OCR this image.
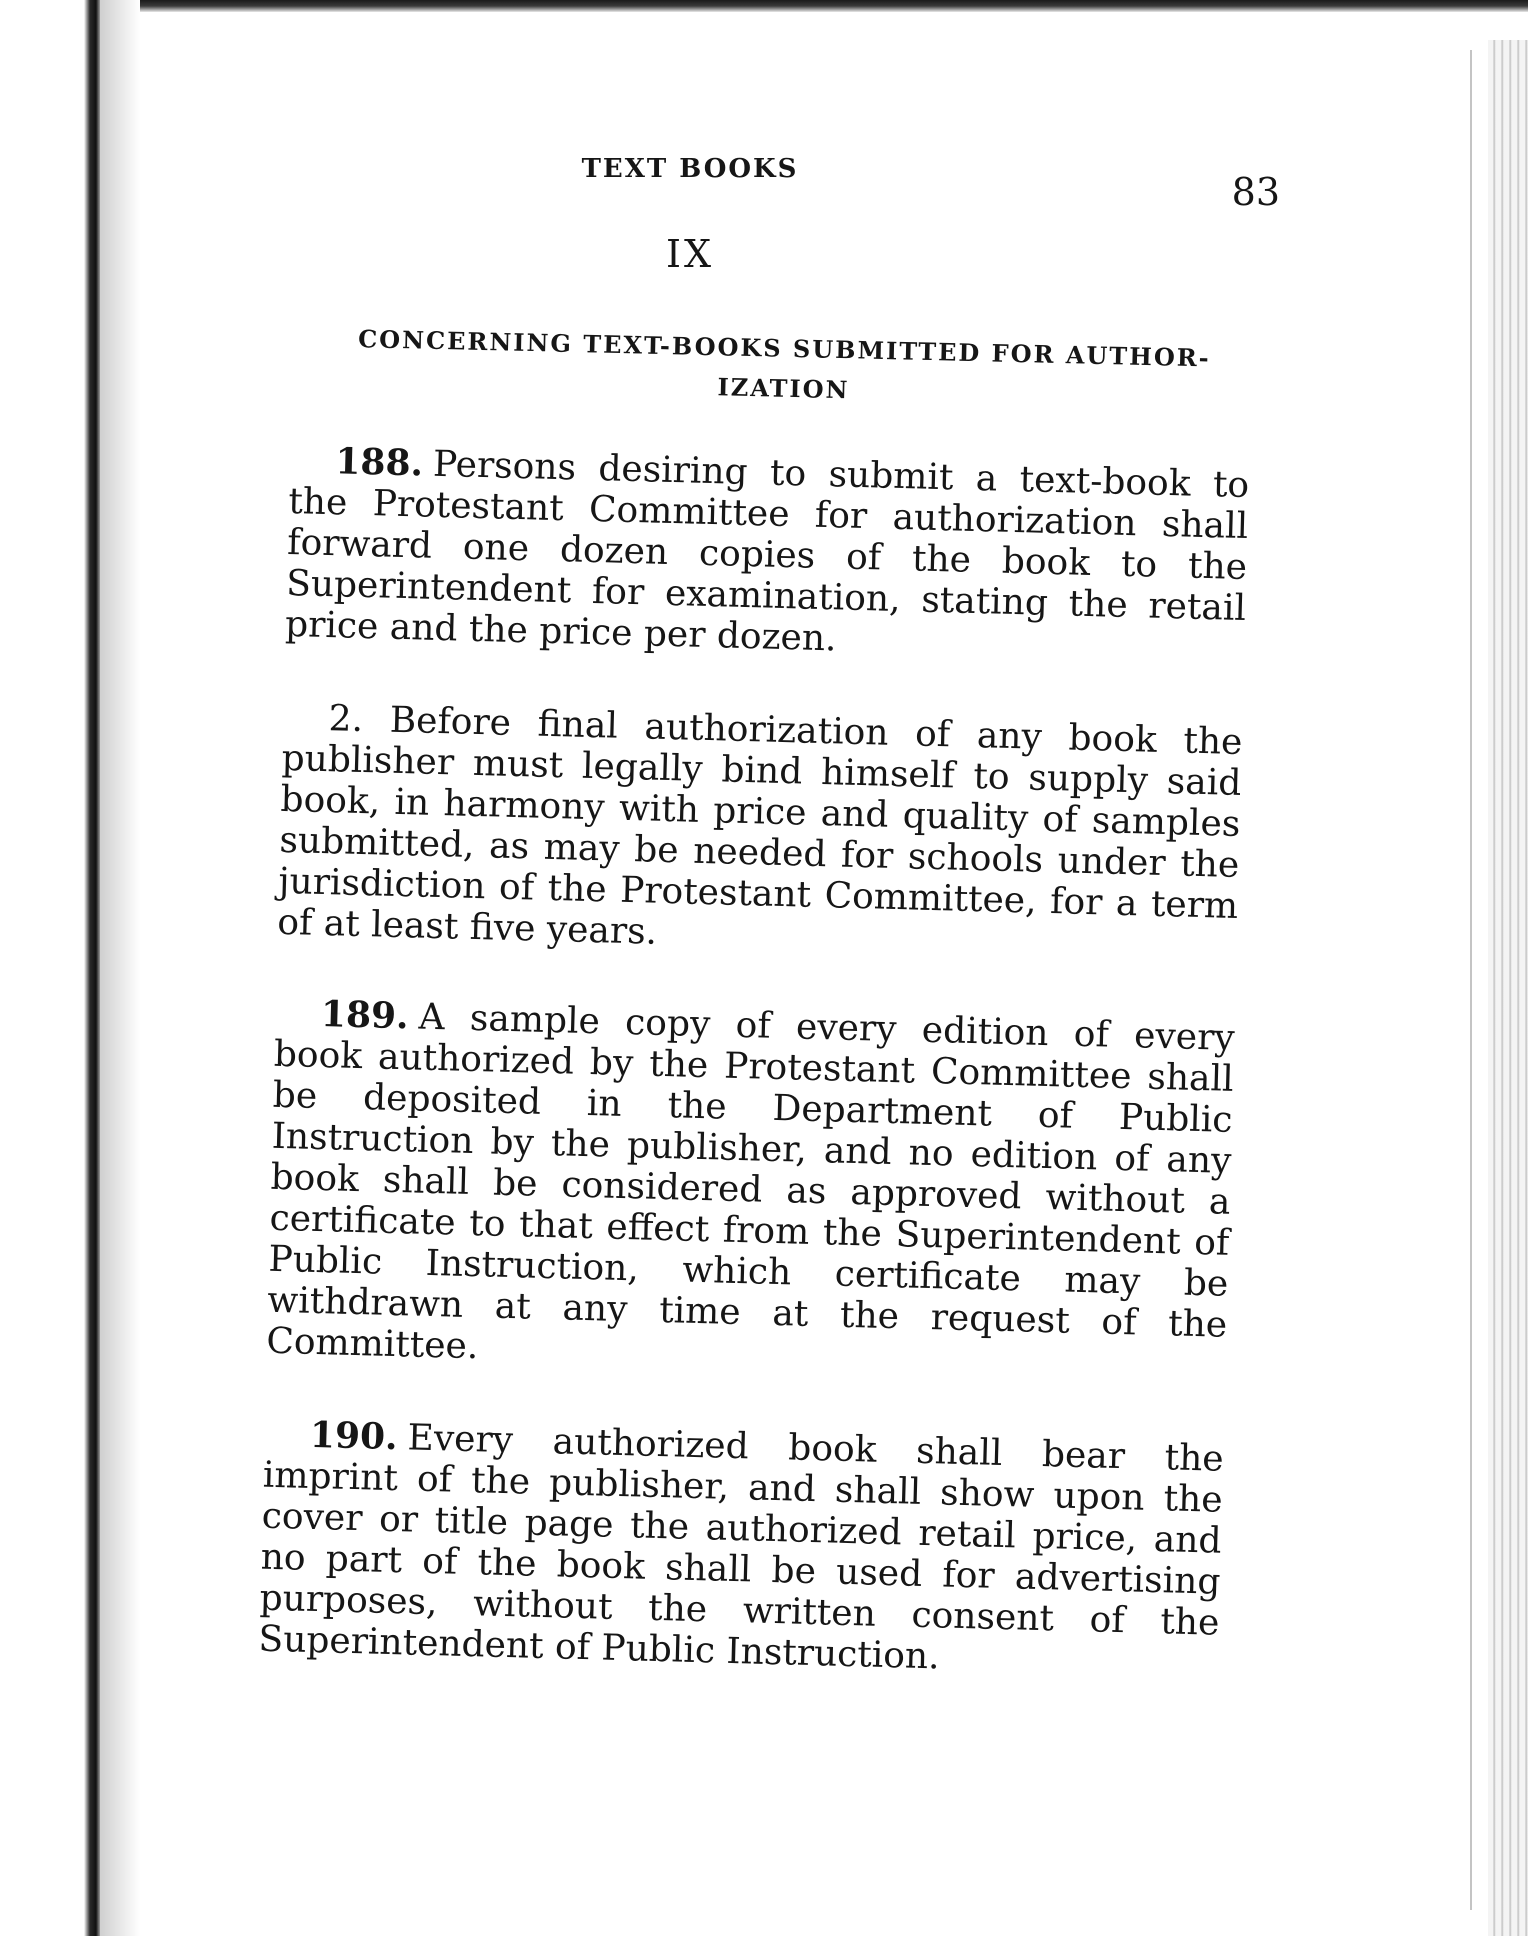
TEXT BOOKS
83
IX
CONCERNING TEXT-BOOKS SUBMITTED FOR AUTHOR-IZATION

188. Persons desiring to submit a text-book to the Protestant Committee for authorization shall forward one dozen copies of the book to the Superintendent for examination, stating the retail price and the price per dozen.

2. Before final authorization of any book the publisher must legally bind himself to supply said book, in harmony with price and quality of samples submitted, as may be needed for schools under the jurisdiction of the Protestant Committee, for a term of at least five years.

189. A sample copy of every edition of every book authorized by the Protestant Committee shall be deposited in the Department of Public Instruction by the publisher, and no edition of any book shall be considered as approved without a certificate to that effect from the Superintendent of Public Instruction, which certificate may be withdrawn at any time at the request of the Committee.

190. Every authorized book shall bear the imprint of the publisher, and shall show upon the cover or title page the authorized retail price, and no part of the book shall be used for advertising purposes, without the written consent of the Superintendent of Public Instruction.
